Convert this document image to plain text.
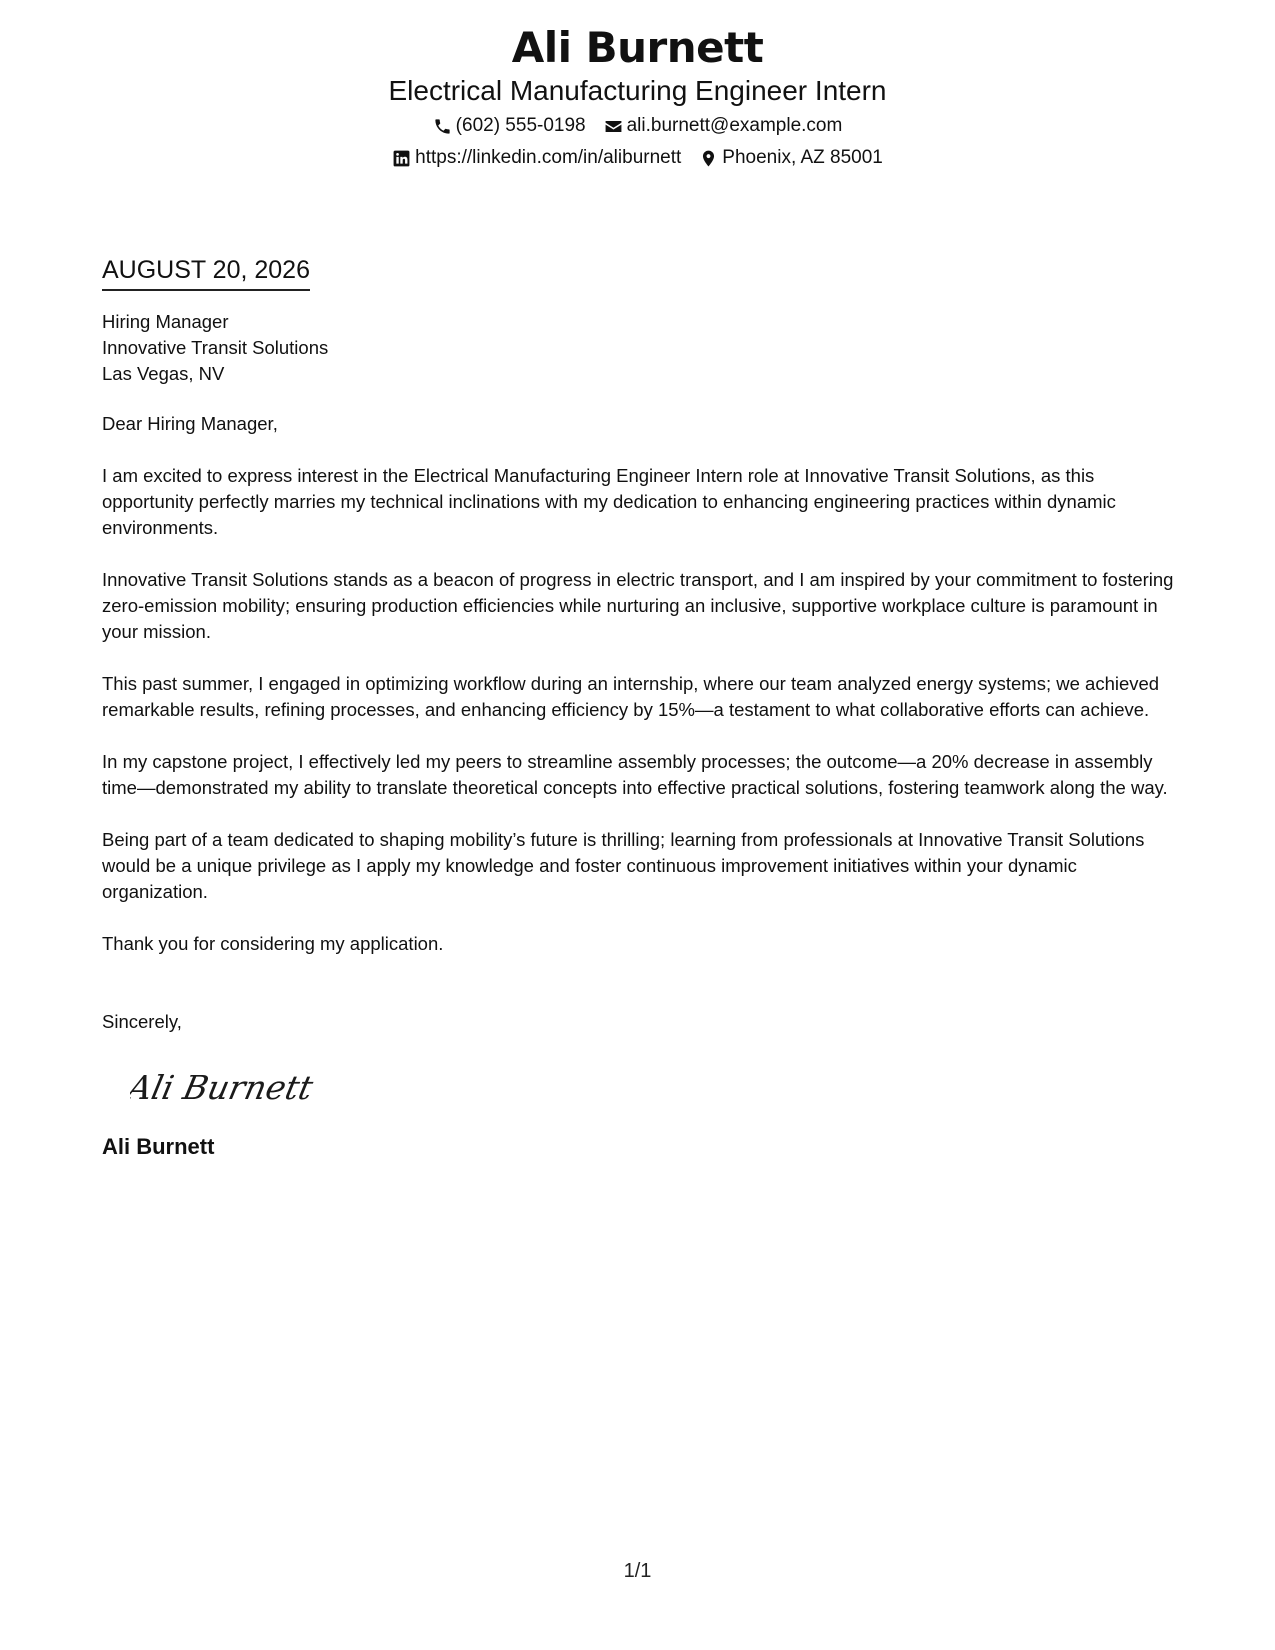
Ali Burnett
Electrical Manufacturing Engineer Intern
(602) 555-0198 ali.burnett@example.com
https://linkedin.com/in/aliburnett Phoenix, AZ 85001
AUGUST 20, 2026
Hiring Manager
Innovative Transit Solutions
Las Vegas, NV
Dear Hiring Manager,
I am excited to express interest in the Electrical Manufacturing Engineer Intern role at Innovative Transit Solutions, as this opportunity perfectly marries my technical inclinations with my dedication to enhancing engineering practices within dynamic environments.
Innovative Transit Solutions stands as a beacon of progress in electric transport, and I am inspired by your commitment to fostering zero-emission mobility; ensuring production efficiencies while nurturing an inclusive, supportive workplace culture is paramount in your mission.
This past summer, I engaged in optimizing workflow during an internship, where our team analyzed energy systems; we achieved remarkable results, refining processes, and enhancing efficiency by 15%—a testament to what collaborative efforts can achieve.
In my capstone project, I effectively led my peers to streamline assembly processes; the outcome—a 20% decrease in assembly time—demonstrated my ability to translate theoretical concepts into effective practical solutions, fostering teamwork along the way.
Being part of a team dedicated to shaping mobility’s future is thrilling; learning from professionals at Innovative Transit Solutions would be a unique privilege as I apply my knowledge and foster continuous improvement initiatives within your dynamic organization.
Thank you for considering my application.
Sincerely,
Ali Burnett
Ali Burnett
1/1
